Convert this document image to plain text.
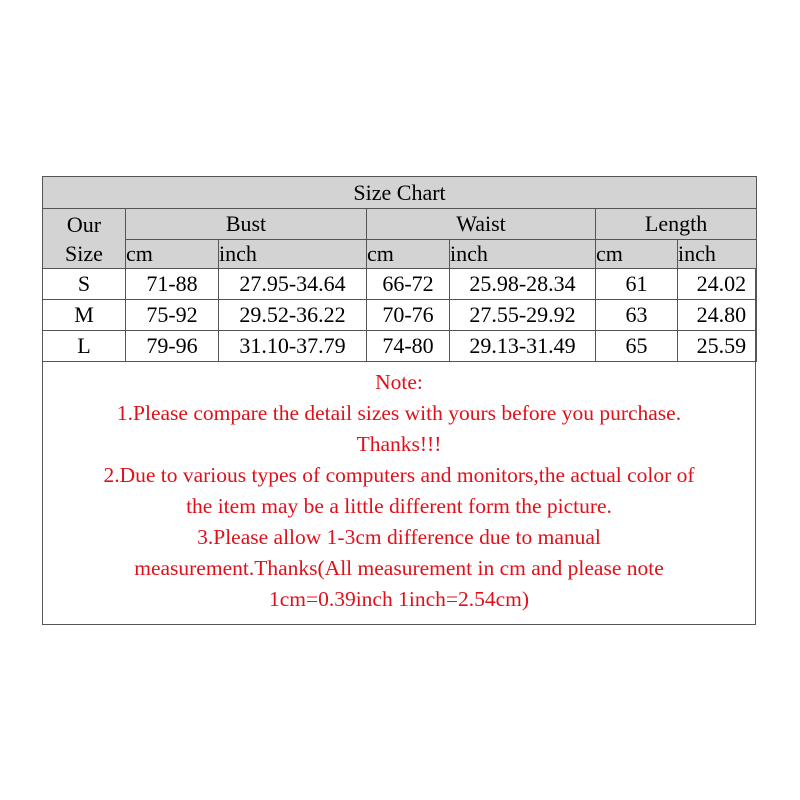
Size Chart						

Our
Size	Bust		Waist		Length	
	cm	inch	cm	inch	cm	inch
S	71-88	27.95-34.64	66-72	25.98-28.34	61	24.02
M	75-92	29.52-36.22	70-76	27.55-29.92	63	24.80
L	79-96	31.10-37.79	74-80	29.13-31.49	65	25.59
Note:
1.Please compare the detail sizes with yours before you purchase.
Thanks!!!
2.Due to various types of computers and monitors,the actual color of
the item may be a little different form the picture.
3.Please allow 1-3cm difference due to manual
measurement.Thanks(All measurement in cm and please note
1cm=0.39inch 1inch=2.54cm)
